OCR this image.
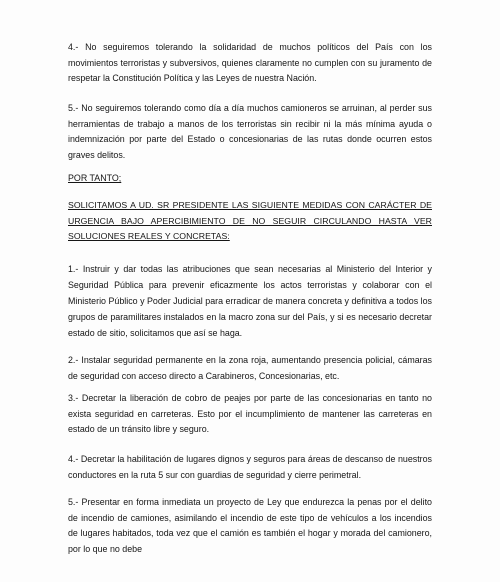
4.- No seguiremos tolerando la solidaridad de muchos políticos del País con los movimientos terroristas y subversivos, quienes claramente no cumplen con su juramento de respetar la Constitución Política y las Leyes de nuestra Nación.
5.- No seguiremos tolerando como día a día muchos camioneros se arruinan, al perder sus herramientas de trabajo a manos de los terroristas sin recibir ni la más mínima ayuda o indemnización por parte del Estado o concesionarias de las rutas donde ocurren estos graves delitos.
POR TANTO;
SOLICITAMOS A UD. SR PRESIDENTE LAS SIGUIENTE MEDIDAS CON CARÁCTER DE URGENCIA BAJO APERCIBIMIENTO DE NO SEGUIR CIRCULANDO HASTA VER SOLUCIONES REALES Y CONCRETAS:
1.- Instruir y dar todas las atribuciones que sean necesarias al Ministerio del Interior y Seguridad Pública para prevenir eficazmente los actos terroristas y colaborar con el Ministerio Público y Poder Judicial para erradicar de manera concreta y definitiva a todos los grupos de paramilitares instalados en la macro zona sur del País, y si es necesario decretar estado de sitio, solicitamos que así se haga.
2.- Instalar seguridad permanente en la zona roja, aumentando presencia policial, cámaras de seguridad con acceso directo a Carabineros, Concesionarias, etc.
3.- Decretar la liberación de cobro de peajes por parte de las concesionarias en tanto no exista seguridad en carreteras. Esto por el incumplimiento de mantener las carreteras en estado de un tránsito libre y seguro.
4.- Decretar la habilitación de lugares dignos y seguros para áreas de descanso de nuestros conductores en la ruta 5 sur con guardias de seguridad y cierre perimetral.
5.- Presentar en forma inmediata un proyecto de Ley que endurezca la penas por el delito de incendio de camiones, asimilando el incendio de este tipo de vehículos a los incendios de lugares habitados, toda vez que el camión es también el hogar y morada del camionero, por lo que no debe
